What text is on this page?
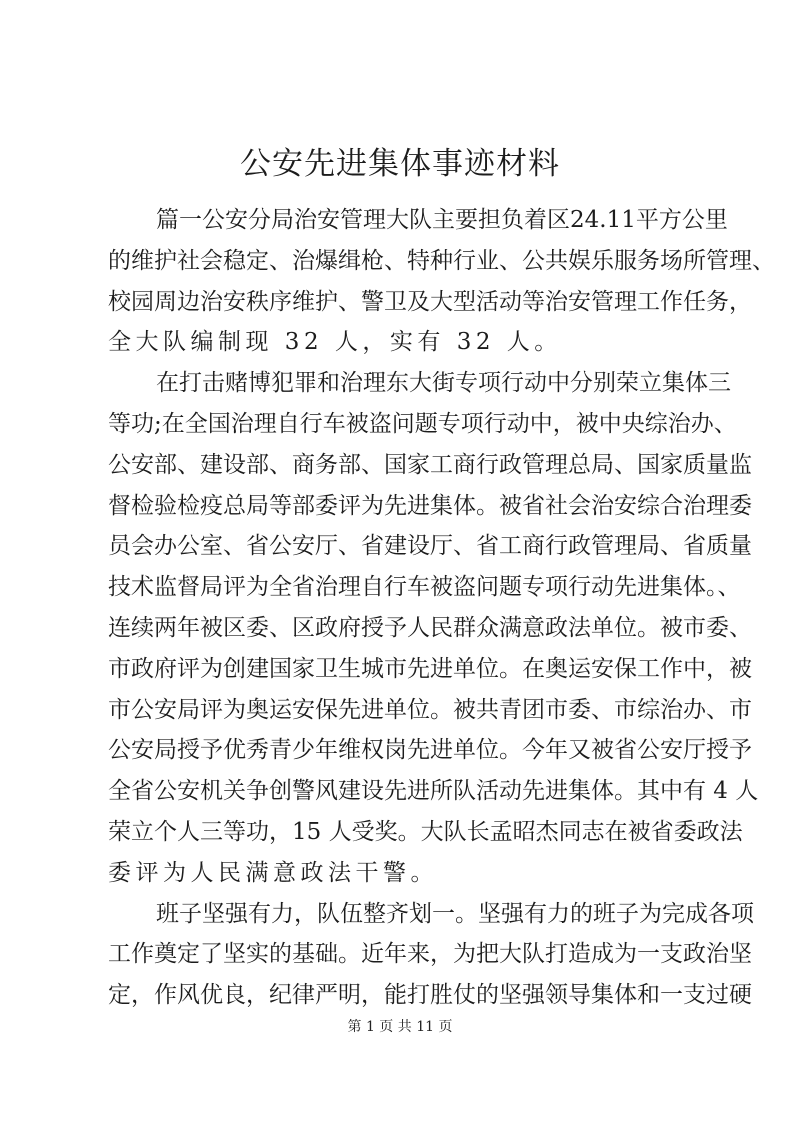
公安先进集体事迹材料
篇一公安分局治安管理大队主要担负着区24.11平方公里
的维护社会稳定、治爆缉枪、特种行业、公共娱乐服务场所管理、
校园周边治安秩序维护、警卫及大型活动等治安管理工作任务，
全大队编制现 32 人，实有 32 人。
在打击赌博犯罪和治理东大街专项行动中分别荣立集体三
等功;在全国治理自行车被盗问题专项行动中，被中央综治办、
公安部、建设部、商务部、国家工商行政管理总局、国家质量监
督检验检疫总局等部委评为先进集体。被省社会治安综合治理委
员会办公室、省公安厅、省建设厅、省工商行政管理局、省质量
技术监督局评为全省治理自行车被盗问题专项行动先进集体。、
连续两年被区委、区政府授予人民群众满意政法单位。被市委、
市政府评为创建国家卫生城市先进单位。在奥运安保工作中，被
市公安局评为奥运安保先进单位。被共青团市委、市综治办、市
公安局授予优秀青少年维权岗先进单位。今年又被省公安厅授予
全省公安机关争创警风建设先进所队活动先进集体。其中有 4 人
荣立个人三等功，15 人受奖。大队长孟昭杰同志在被省委政法
委评为人民满意政法干警。
班子坚强有力，队伍整齐划一。坚强有力的班子为完成各项
工作奠定了坚实的基础。近年来，为把大队打造成为一支政治坚
定，作风优良，纪律严明，能打胜仗的坚强领导集体和一支过硬
第 1 页 共 11 页
